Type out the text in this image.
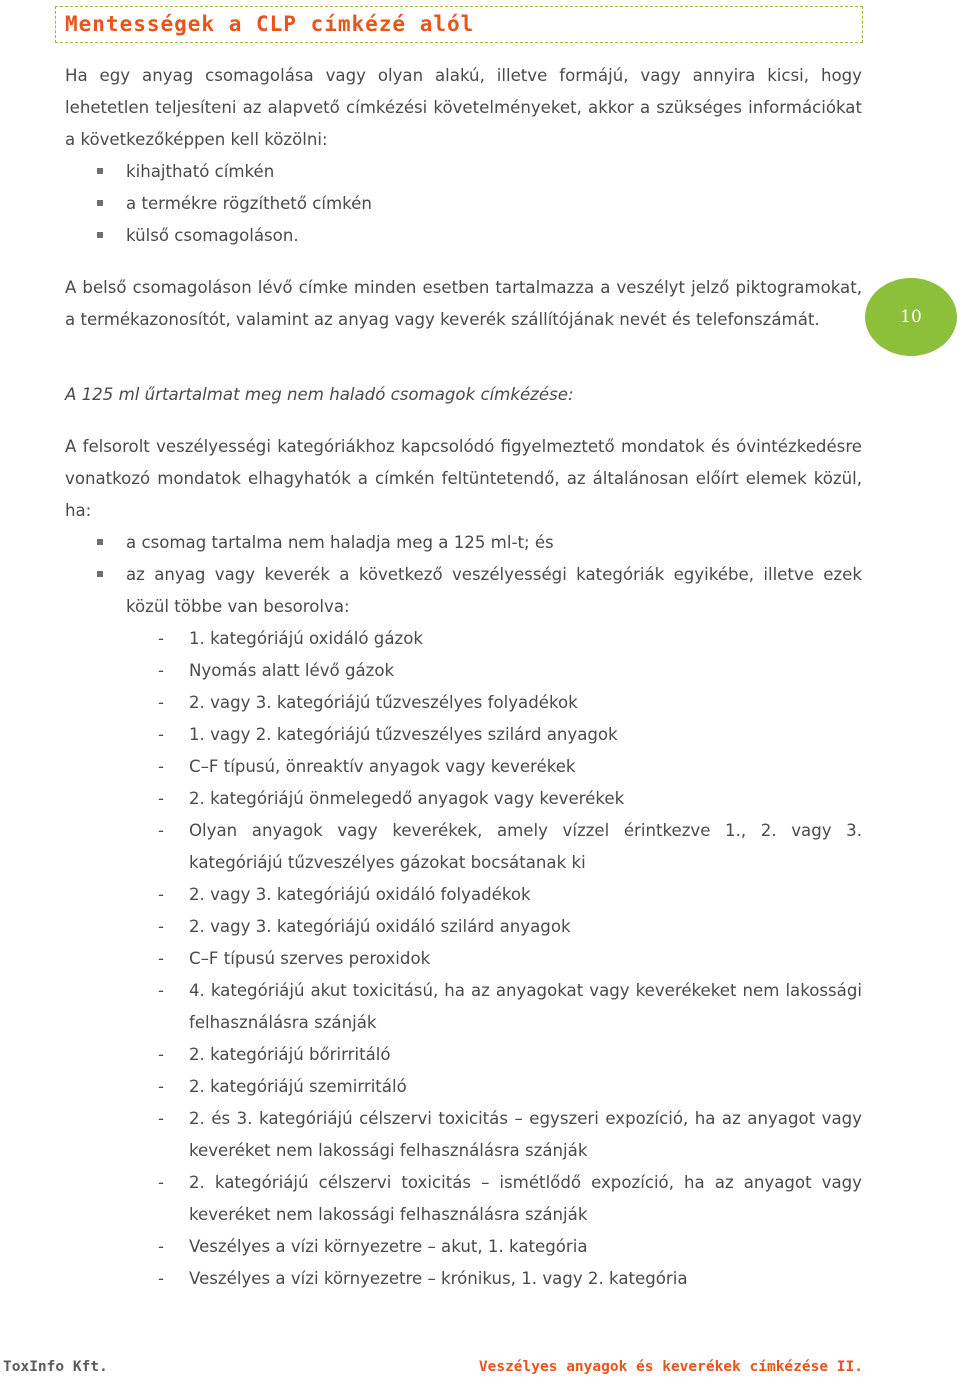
Mentességek a CLP címkézé alól
10

Ha egy anyag csomagolása vagy olyan alakú, illetve formájú, vagy annyira kicsi, hogy lehetetlen teljesíteni az alapvető címkézési követelményeket, akkor a szükséges információkat a következőképpen kell közölni:

kihajtható címkén
a termékre rögzíthető címkén
külső csomagoláson.

A belső csomagoláson lévő címke minden esetben tartalmazza a veszélyt jelző piktogramokat, a termékazonosítót, valamint az anyag vagy keverék szállítójának nevét és telefonszámát.

A 125 ml űrtartalmat meg nem haladó csomagok címkézése:

A felsorolt veszélyességi kategóriákhoz kapcsolódó figyelmeztető mondatok és óvintézkedésre vonatkozó mondatok elhagyhatók a címkén feltüntetendő, az általánosan előírt elemek közül, ha:

a csomag tartalma nem haladja meg a 125 ml-t; és
az anyag vagy keverék a következő veszélyességi kategóriák egyikébe, illetve ezek közül többe van besorolva:
- 1. kategóriájú oxidáló gázok
- Nyomás alatt lévő gázok
- 2. vagy 3. kategóriájú tűzveszélyes folyadékok
- 1. vagy 2. kategóriájú tűzveszélyes szilárd anyagok
- C–F típusú, önreaktív anyagok vagy keverékek
- 2. kategóriájú önmelegedő anyagok vagy keverékek
- Olyan anyagok vagy keverékek, amely vízzel érintkezve 1., 2. vagy 3. kategóriájú tűzveszélyes gázokat bocsátanak ki
- 2. vagy 3. kategóriájú oxidáló folyadékok
- 2. vagy 3. kategóriájú oxidáló szilárd anyagok
- C–F típusú szerves peroxidok
- 4. kategóriájú akut toxicitású, ha az anyagokat vagy keverékeket nem lakossági felhasználásra szánják
- 2. kategóriájú bőrirritáló
- 2. kategóriájú szemirritáló
- 2. és 3. kategóriájú célszervi toxicitás – egyszeri expozíció, ha az anyagot vagy keveréket nem lakossági felhasználásra szánják
- 2. kategóriájú célszervi toxicitás – ismétlődő expozíció, ha az anyagot vagy keveréket nem lakossági felhasználásra szánják
- Veszélyes a vízi környezetre – akut, 1. kategória
- Veszélyes a vízi környezetre – krónikus, 1. vagy 2. kategória
ToxInfo Kft.	Veszélyes anyagok és keverékek címkézése II.
